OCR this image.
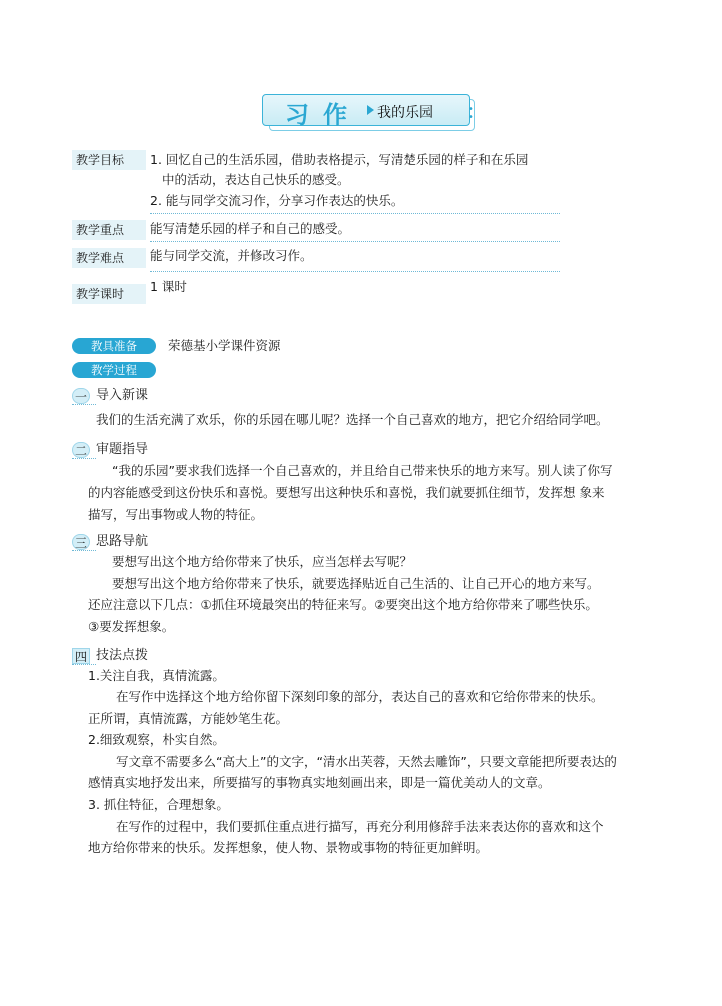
习作 我的乐园	•
•
教学目标	1. 回忆自己的生活乐园，借助表格提示，写清楚乐园的样子和在乐园
中的活动，表达自己快乐的感受。
2. 能与同学交流习作，分享习作表达的快乐。
教学重点	能写清楚乐园的样子和自己的感受。
教学难点	能与同学交流，并修改习作。
教学课时	1 课时
教具准备	荣德基小学课件资源
教学过程
一 导入新课
我们的生活充满了欢乐，你的乐园在哪儿呢？选择一个自己喜欢的地方，把它介绍给同学吧。
二 审题指导
“我的乐园”要求我们选择一个自己喜欢的，并且给自己带来快乐的地方来写。别人读了你写
的内容能感受到这份快乐和喜悦。要想写出这种快乐和喜悦，我们就要抓住细节，发挥想 象来
描写，写出事物或人物的特征。
三 思路导航
要想写出这个地方给你带来了快乐，应当怎样去写呢？
要想写出这个地方给你带来了快乐，就要选择贴近自己生活的、让自己开心的地方来写。
还应注意以下几点：①抓住环境最突出的特征来写。②要突出这个地方给你带来了哪些快乐。
③要发挥想象。
四 技法点拨
1.关注自我，真情流露。
在写作中选择这个地方给你留下深刻印象的部分，表达自己的喜欢和它给你带来的快乐。
正所谓，真情流露，方能妙笔生花。
2.细致观察，朴实自然。
写文章不需要多么“高大上”的文字，“清水出芙蓉，天然去雕饰”，只要文章能把所要表达的
感情真实地抒发出来，所要描写的事物真实地刻画出来，即是一篇优美动人的文章。
3. 抓住特征，合理想象。
在写作的过程中，我们要抓住重点进行描写，再充分利用修辞手法来表达你的喜欢和这个
地方给你带来的快乐。发挥想象，使人物、景物或事物的特征更加鲜明。
